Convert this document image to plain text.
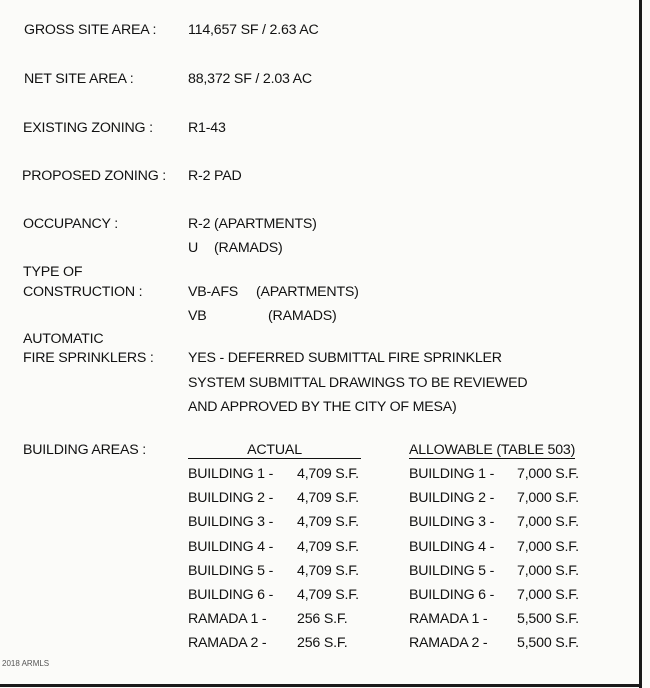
GROSS SITE AREA : 114,657 SF / 2.63 AC
NET SITE AREA :	88,372 SF / 2.03 AC
EXISTING ZONING : R1-43
PROPOSED ZONING : R-2 PAD
OCCUPANCY :	R-2 (APARTMENTS)
U (RAMADS)
TYPE OF
CONSTRUCTION :	VB-AFS (APARTMENTS)
VB	(RAMADS)
AUTOMATIC
FIRE SPRINKLERS : YES - DEFERRED SUBMITTAL FIRE SPRINKLER
SYSTEM SUBMITTAL DRAWINGS TO BE REVIEWED
AND APPROVED BY THE CITY OF MESA)
BUILDING AREAS :	ACTUAL	ALLOWABLE (TABLE 503)
BUILDING 1 - 4,709 S.F.	BUILDING 1 - 7,000 S.F.
BUILDING 2 - 4,709 S.F.	BUILDING 2 - 7,000 S.F.
BUILDING 3 - 4,709 S.F.	BUILDING 3 - 7,000 S.F.
BUILDING 4 - 4,709 S.F.	BUILDING 4 - 7,000 S.F.
BUILDING 5 - 4,709 S.F.	BUILDING 5 - 7,000 S.F.
BUILDING 6 - 4,709 S.F.	BUILDING 6 - 7,000 S.F.
RAMADA 1 - 256 S.F.	RAMADA 1 - 5,500 S.F.
RAMADA 2 - 256 S.F.	RAMADA 2 - 5,500 S.F.
2018 ARMLS
